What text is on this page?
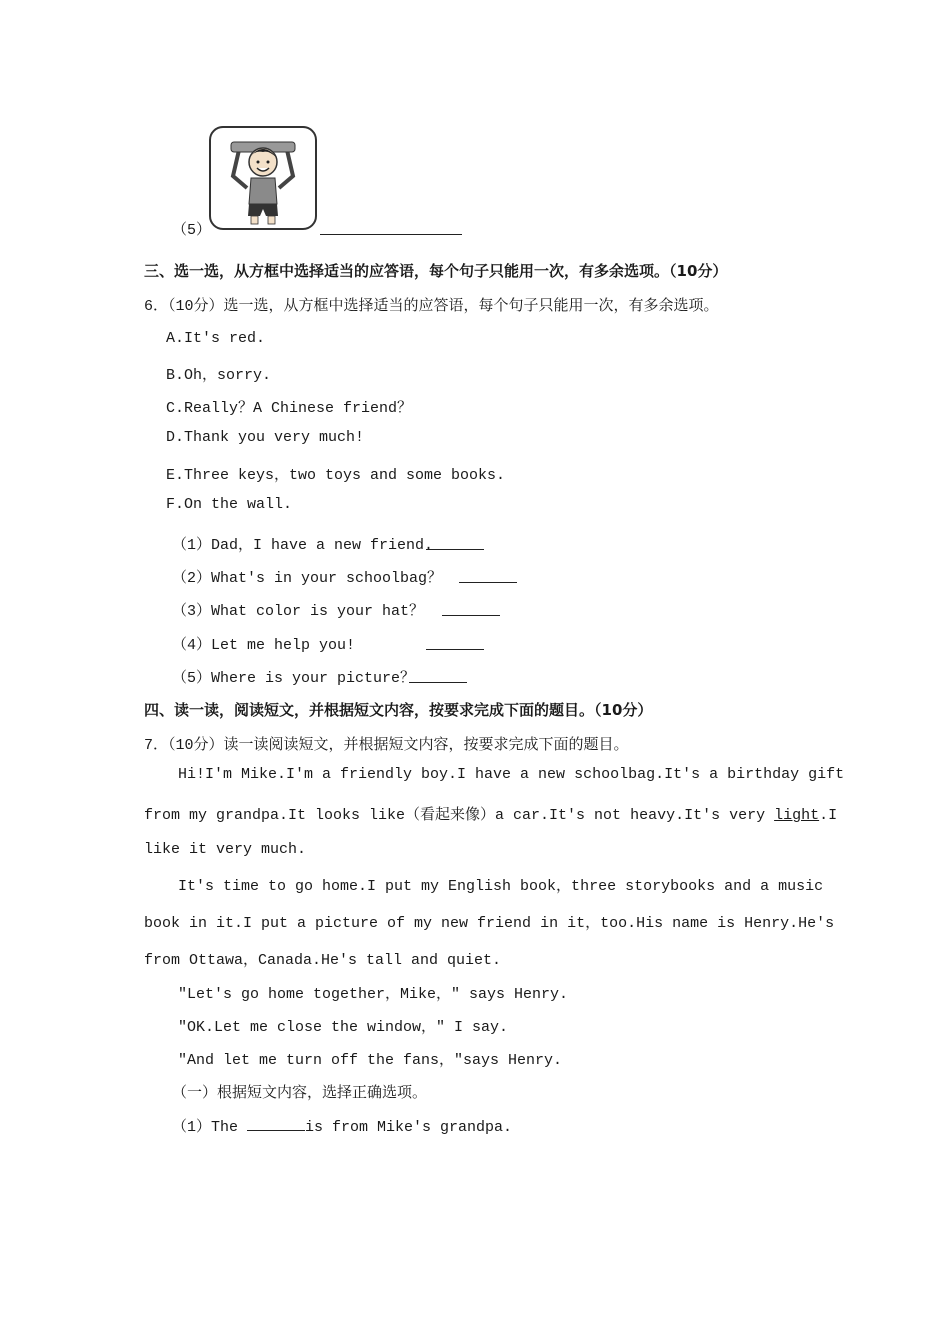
（5）
三、选一选，从方框中选择适当的应答语，每个句子只能用一次，有多余选项。（10分）
6．（10分）选一选，从方框中选择适当的应答语，每个句子只能用一次，有多余选项。
A.It's red.
B.Oh，sorry.
C.Really？A Chinese friend？
D.Thank you very much!
E.Three keys，two toys and some books.
F.On the wall.
（1）Dad，I have a new friend.
（2）What's in your schoolbag？
（3）What color is your hat？
（4）Let me help you!
（5）Where is your picture？
四、读一读，阅读短文，并根据短文内容，按要求完成下面的题目。（10分）
7．（10分）读一读阅读短文，并根据短文内容，按要求完成下面的题目。
Hi!I'm Mike.I'm a friendly boy.I have a new schoolbag.It's a birthday gift
from my grandpa.It looks like（看起来像）a car.It's not heavy.It's very light.I
like it very much.
It's time to go home.I put my English book，three storybooks and a music
book in it.I put a picture of my new friend in it，too.His name is Henry.He's
from Ottawa，Canada.He's tall and quiet.
"Let's go home together，Mike，" says Henry.
"OK.Let me close the window，" I say.
"And let me turn off the fans，"says Henry.
（一）根据短文内容，选择正确选项。
（1）The	is from Mike's grandpa.
